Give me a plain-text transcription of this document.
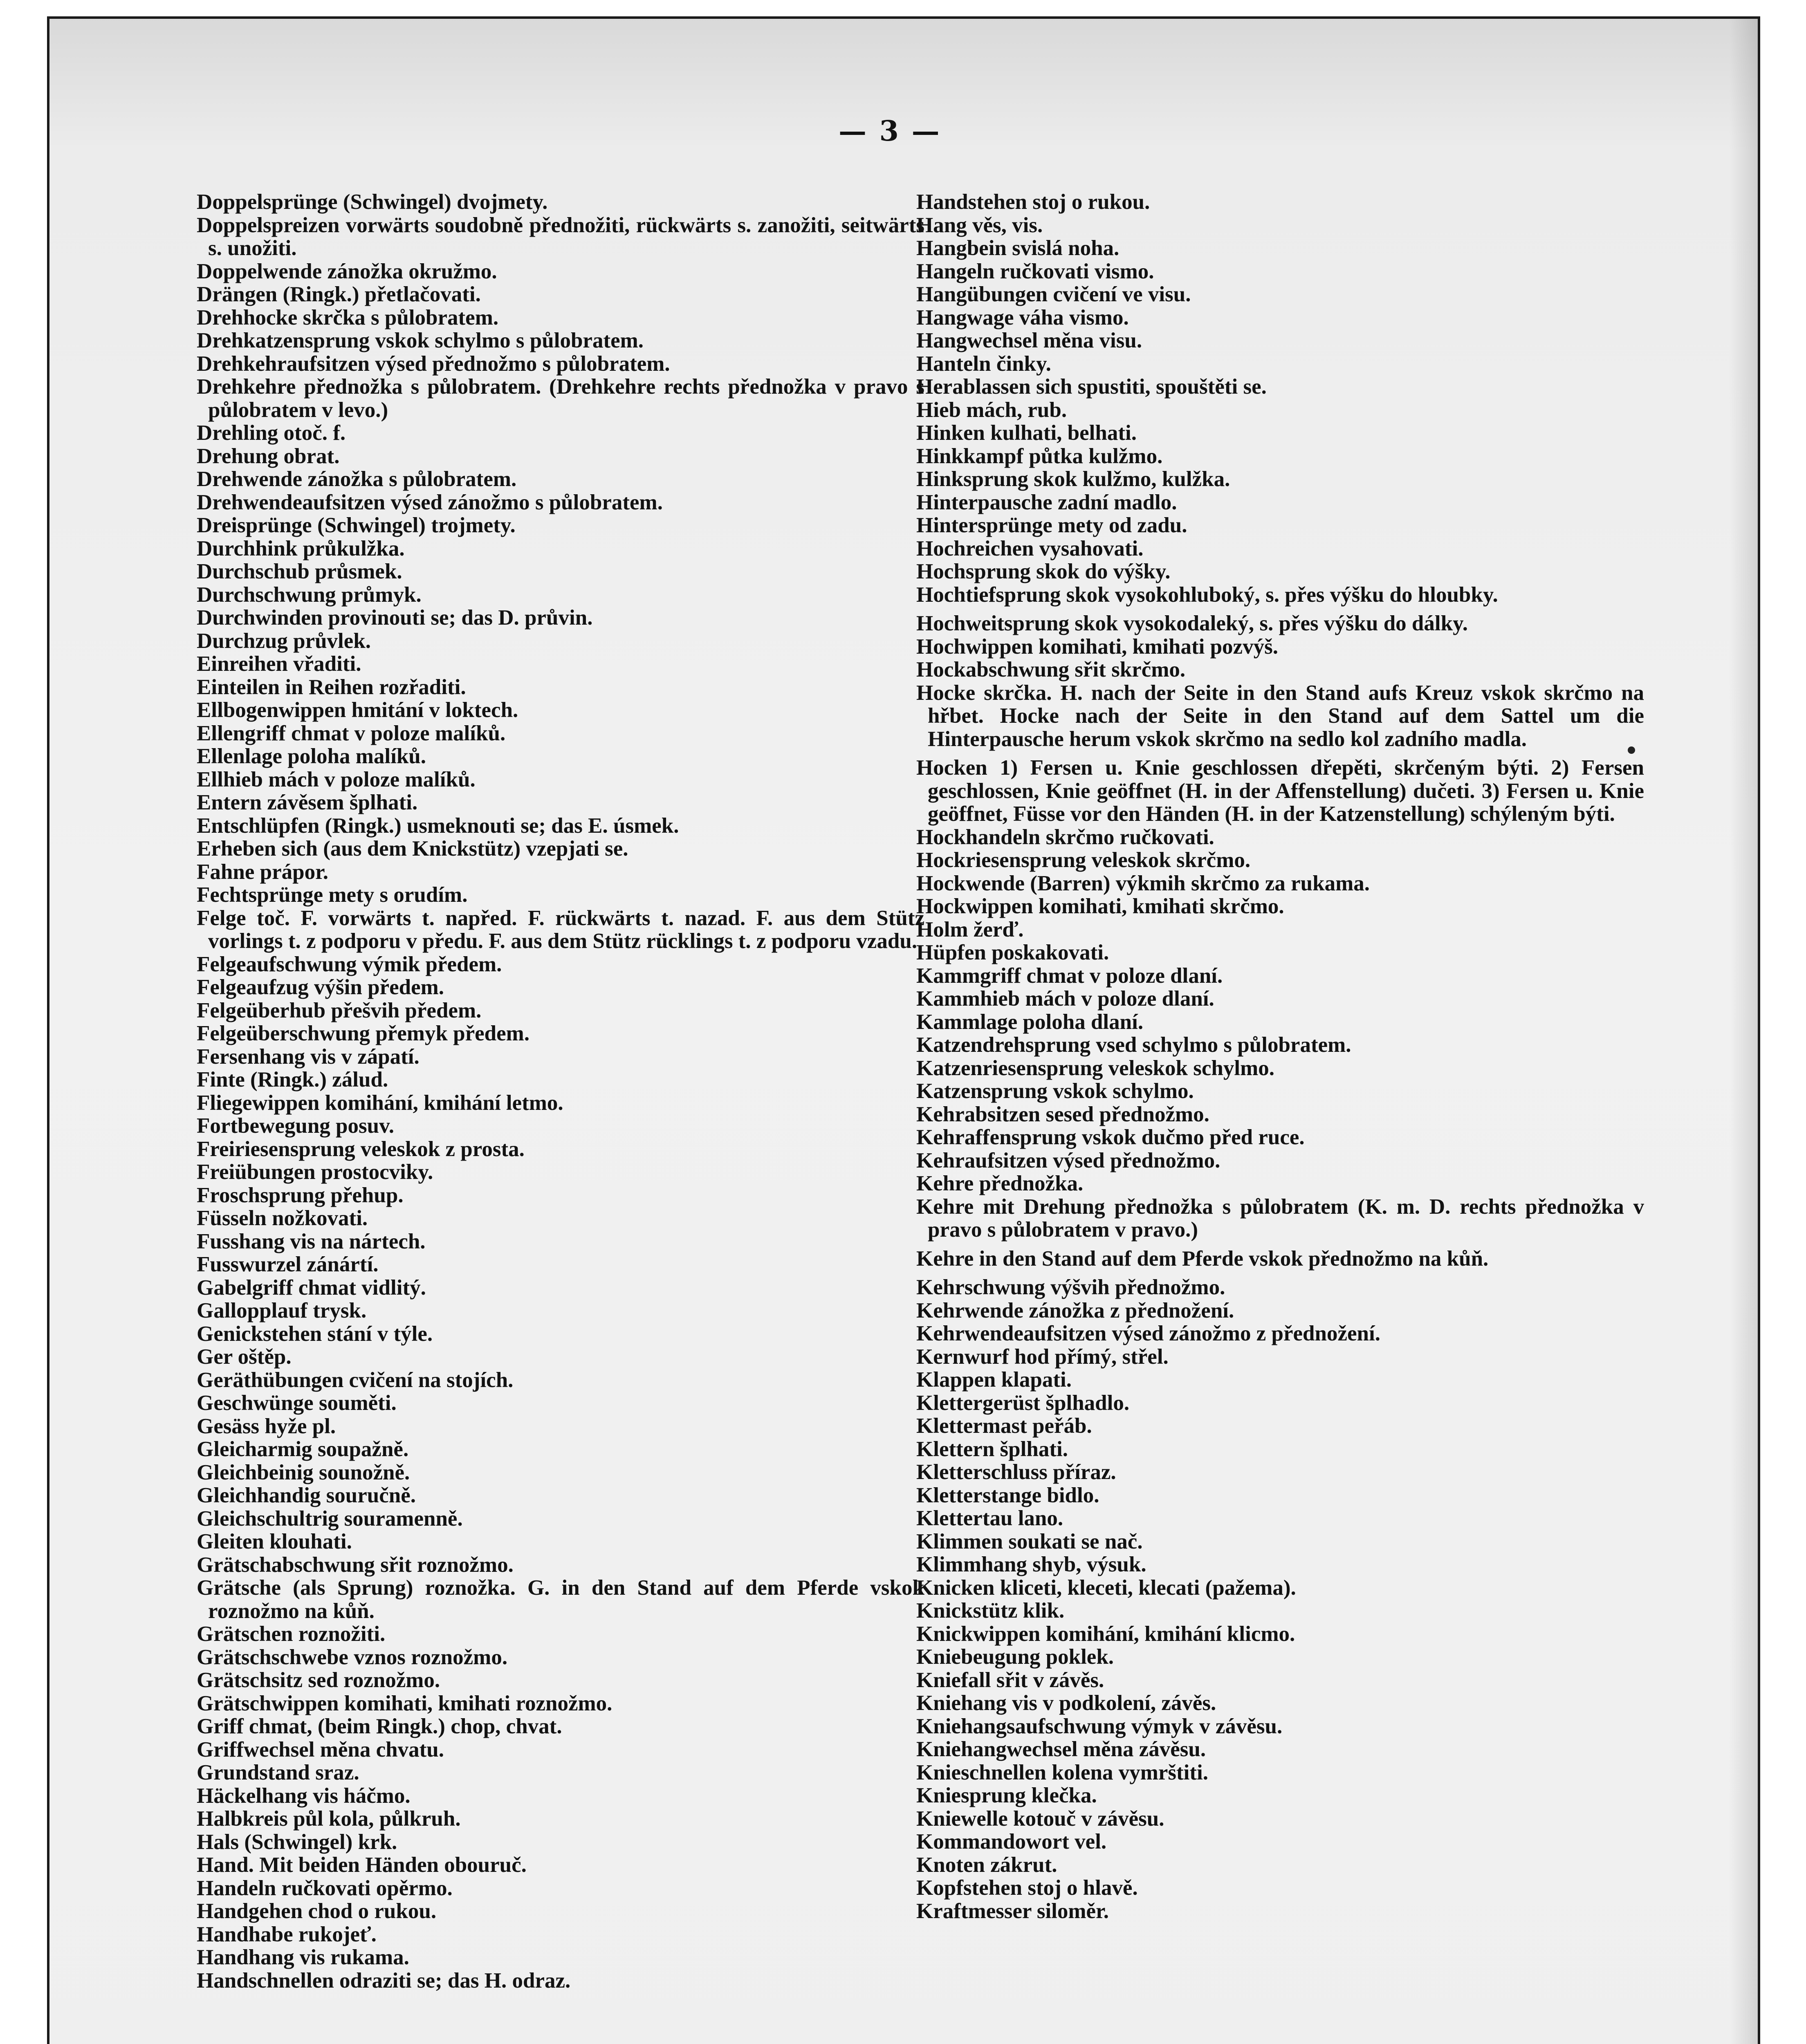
— 3 —

Doppelsprünge (Schwingel) dvojmety.

Doppelspreizen vorwärts soudobně přednožiti, rückwärts s. zanožiti, seitwärts s. unožiti.

Doppelwende zánožka okružmo.

Drängen (Ringk.) přetlačovati.

Drehhocke skrčka s půlobratem.

Drehkatzensprung vskok schylmo s půlobratem.

Drehkehraufsitzen výsed přednožmo s půlobratem.

Drehkehre přednožka s půlobratem. (Drehkehre rechts přednožka v pravo s půlobratem v levo.)

Drehling otoč. f.

Drehung obrat.

Drehwende zánožka s půlobratem.

Drehwendeaufsitzen výsed zánožmo s půlobratem.

Dreisprünge (Schwingel) trojmety.

Durchhink průkulžka.

Durchschub průsmek.

Durchschwung průmyk.

Durchwinden provinouti se; das D. průvin.

Durchzug průvlek.

Einreihen vřaditi.

Einteilen in Reihen rozřaditi.

Ellbogenwippen hmitání v loktech.

Ellengriff chmat v poloze malíků.

Ellenlage poloha malíků.

Ellhieb mách v poloze malíků.

Entern závěsem šplhati.

Entschlüpfen (Ringk.) usmeknouti se; das E. úsmek.

Erheben sich (aus dem Knickstütz) vzepjati se.

Fahne prápor.

Fechtsprünge mety s orudím.

Felge toč. F. vorwärts t. napřed. F. rückwärts t. nazad. F. aus dem Stütz vorlings t. z podporu v předu. F. aus dem Stütz rücklings t. z podporu vzadu.

Felgeaufschwung výmik předem.

Felgeaufzug výšin předem.

Felgeüberhub přešvih předem.

Felgeüberschwung přemyk předem.

Fersenhang vis v zápatí.

Finte (Ringk.) zálud.

Fliegewippen komihání, kmihání letmo.

Fortbewegung posuv.

Freiriesensprung veleskok z prosta.

Freiübungen prostocviky.

Froschsprung přehup.

Füsseln nožkovati.

Fusshang vis na nártech.

Fusswurzel zánártí.

Gabelgriff chmat vidlitý.

Gallopplauf trysk.

Genickstehen stání v týle.

Ger oštěp.

Geräthübungen cvičení na stojích.

Geschwünge souměti.

Gesäss hyže pl.

Gleicharmig soupažně.

Gleichbeinig sounožně.

Gleichhandig souručně.

Gleichschultrig souramenně.

Gleiten klouhati.

Grätschabschwung sřit roznožmo.

Grätsche (als Sprung) roznožka. G. in den Stand auf dem Pferde vskok roznožmo na kůň.

Grätschen roznožiti.

Grätschschwebe vznos roznožmo.

Grätschsitz sed roznožmo.

Grätschwippen komihati, kmihati roznožmo.

Griff chmat, (beim Ringk.) chop, chvat.

Griffwechsel měna chvatu.

Grundstand sraz.

Häckelhang vis háčmo.

Halbkreis půl kola, půlkruh.

Hals (Schwingel) krk.

Hand. Mit beiden Händen obouruč.

Handeln ručkovati opěrmo.

Handgehen chod o rukou.

Handhabe rukojeť.

Handhang vis rukama.

Handschnellen odraziti se; das H. odraz.

Handstehen stoj o rukou.

Hang věs, vis.

Hangbein svislá noha.

Hangeln ručkovati vismo.

Hangübungen cvičení ve visu.

Hangwage váha vismo.

Hangwechsel měna visu.

Hanteln činky.

Herablassen sich spustiti, spouštěti se.

Hieb mách, rub.

Hinken kulhati, belhati.

Hinkkampf půtka kulžmo.

Hinksprung skok kulžmo, kulžka.

Hinterpausche zadní madlo.

Hintersprünge mety od zadu.

Hochreichen vysahovati.

Hochsprung skok do výšky.

Hochtiefsprung skok vysokohluboký, s. přes výšku do hloubky.

Hochweitsprung skok vysokodaleký, s. přes výšku do dálky.

Hochwippen komihati, kmihati pozvýš.

Hockabschwung sřit skrčmo.

Hocke skrčka. H. nach der Seite in den Stand aufs Kreuz vskok skrčmo na hřbet. Hocke nach der Seite in den Stand auf dem Sattel um die Hinterpausche herum vskok skrčmo na sedlo kol zadního madla.

Hocken 1) Fersen u. Knie geschlossen dřepěti, skrčeným býti. 2) Fersen geschlossen, Knie geöffnet (H. in der Affenstellung) dučeti. 3) Fersen u. Knie geöffnet, Füsse vor den Händen (H. in der Katzenstellung) schýleným býti.

Hockhandeln skrčmo ručkovati.

Hockriesensprung veleskok skrčmo.

Hockwende (Barren) výkmih skrčmo za rukama.

Hockwippen komihati, kmihati skrčmo.

Holm žerď.

Hüpfen poskakovati.

Kammgriff chmat v poloze dlaní.

Kammhieb mách v poloze dlaní.

Kammlage poloha dlaní.

Katzendrehsprung vsed schylmo s půlobratem.

Katzenriesensprung veleskok schylmo.

Katzensprung vskok schylmo.

Kehrabsitzen sesed přednožmo.

Kehraffensprung vskok dučmo před ruce.

Kehraufsitzen výsed přednožmo.

Kehre přednožka.

Kehre mit Drehung přednožka s půlobratem (K. m. D. rechts přednožka v pravo s půlobratem v pravo.)

Kehre in den Stand auf dem Pferde vskok přednožmo na kůň.

Kehrschwung výšvih přednožmo.

Kehrwende zánožka z přednožení.

Kehrwendeaufsitzen výsed zánožmo z přednožení.

Kernwurf hod přímý, střel.

Klappen klapati.

Klettergerüst šplhadlo.

Klettermast peřáb.

Klettern šplhati.

Kletterschluss příraz.

Kletterstange bidlo.

Klettertau lano.

Klimmen soukati se nač.

Klimmhang shyb, výsuk.

Knicken kliceti, kleceti, klecati (pažema).

Knickstütz klik.

Knickwippen komihání, kmihání klicmo.

Kniebeugung poklek.

Kniefall sřit v závěs.

Kniehang vis v podkolení, závěs.

Kniehangsaufschwung výmyk v závěsu.

Kniehangwechsel měna závěsu.

Knieschnellen kolena vymrštiti.

Kniesprung klečka.

Kniewelle kotouč v závěsu.

Kommandowort vel.

Knoten zákrut.

Kopfstehen stoj o hlavě.

Kraftmesser siloměr.
